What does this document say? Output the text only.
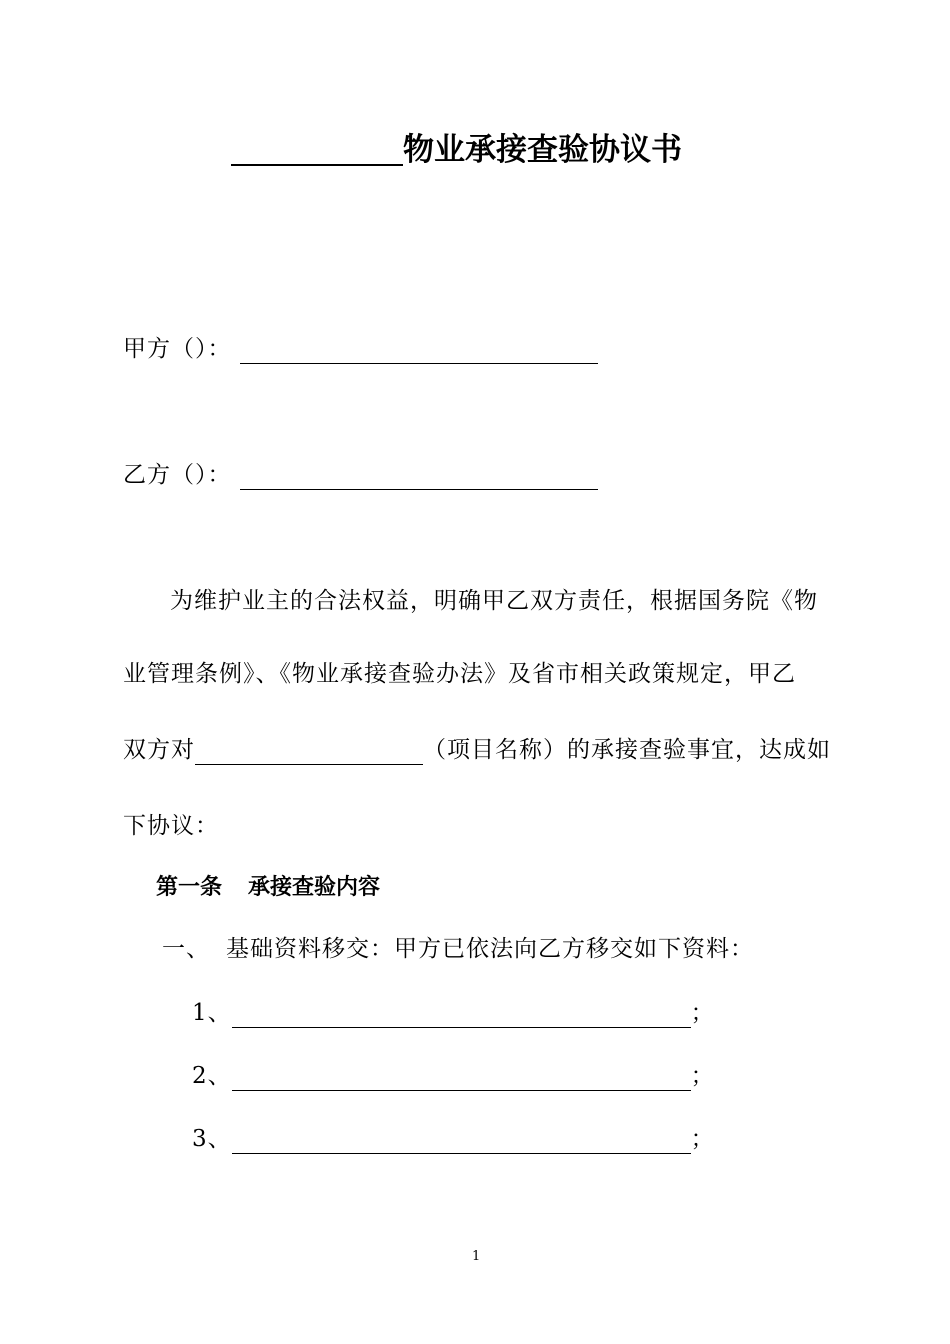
物业承接查验协议书
甲方（）：
乙方（）：
为维护业主的合法权益，明确甲乙双方责任，根据国务院《物
业管理条例》、《物业承接查验办法》及省市相关政策规定，甲乙
双方对	（项目名称）的承接查验事宜，达成如
下协议：
第一条 承接查验内容
一、 基础资料移交：甲方已依法向乙方移交如下资料：
1、	；
2、	；
3、	；
1
